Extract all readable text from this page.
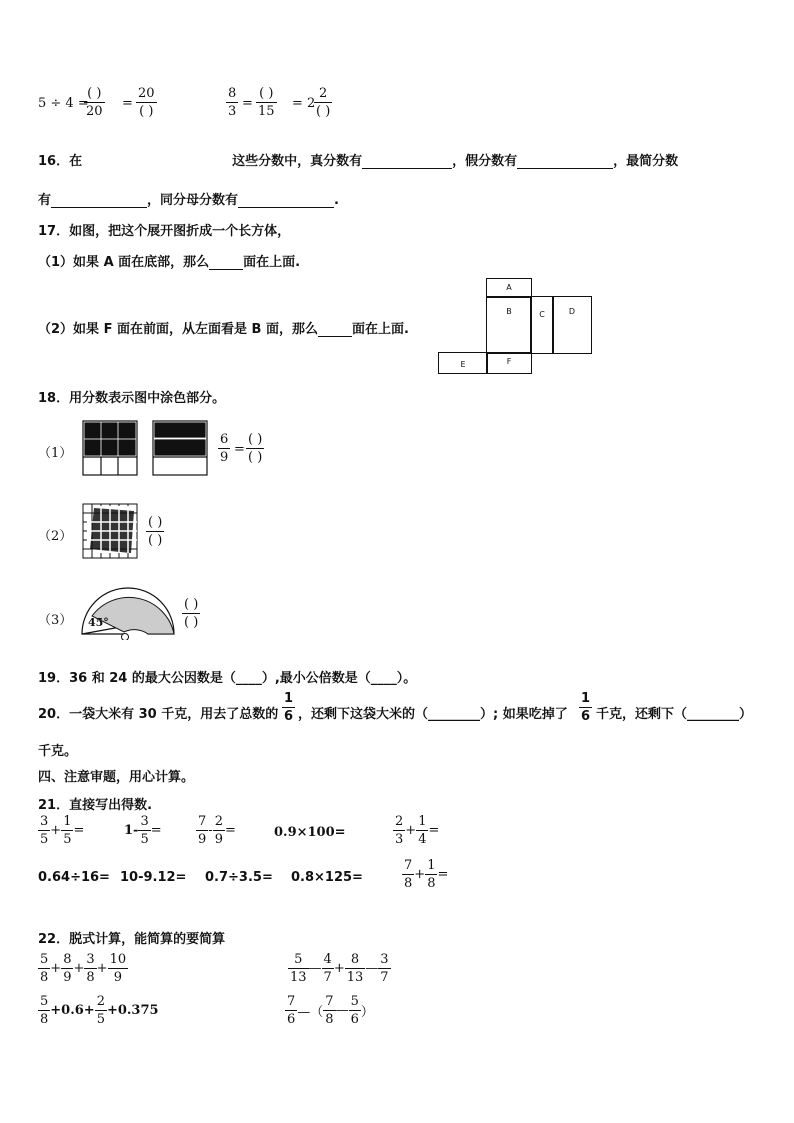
5 ÷ 4 =
( )
20
=
20
( )
8
3
=
( )
15
= 2
2
( )
16．在	这些分数中，真分数有	，假分数有	，最简分数
有	，同分母分数有	.
17．如图，把这个展开图折成一个长方体，
（1）如果 A 面在底部，那么	面在上面.
（2）如果 F 面在前面，从左面看是 B 面，那么	面在上面.
A
B	C	D
E	F
18．用分数表示图中涂色部分。
（1）
6
9
=
( )
( )
（2）
( )
( )
（3） 45°
( )
( )
19．36 和 24 的最大公因数是（____）,最小公倍数是（____）。
20．一袋大米有 30 千克，用去了总数的
1
6 ，还剩下这袋大米的（________）; 如果吃掉了
1
6 千克，还剩下（________）
千克。
四、注意审题，用心计算。
21．直接写出得数.
$\frac{3}{5} + \frac{1}{5}$ =	$1- \frac{3}{5}$ =	$\frac{7}{9} - \frac{2}{9}$ =	0.9×100=	$\frac{2}{3} + \frac{1}{4}$ =
0.64÷16= 10-9.12= 0.7÷3.5= 0.8×125=	$\frac{7}{8} + \frac{1}{8}$ =
22．脱式计算，能简算的要简算
$\frac{5}{8} + \frac{8}{9} + \frac{3}{8} + \frac{10}{9}$	$\frac{5}{13}$ — $\frac{4}{7} + \frac{8}{13}$ — $\frac{3}{7}$
$\frac{5}{8} +0.6+ \frac{2}{5} +0.375$	$\frac{7}{6}$ —（ $\frac{7}{8}$ — $\frac{5}{6}$ ）
